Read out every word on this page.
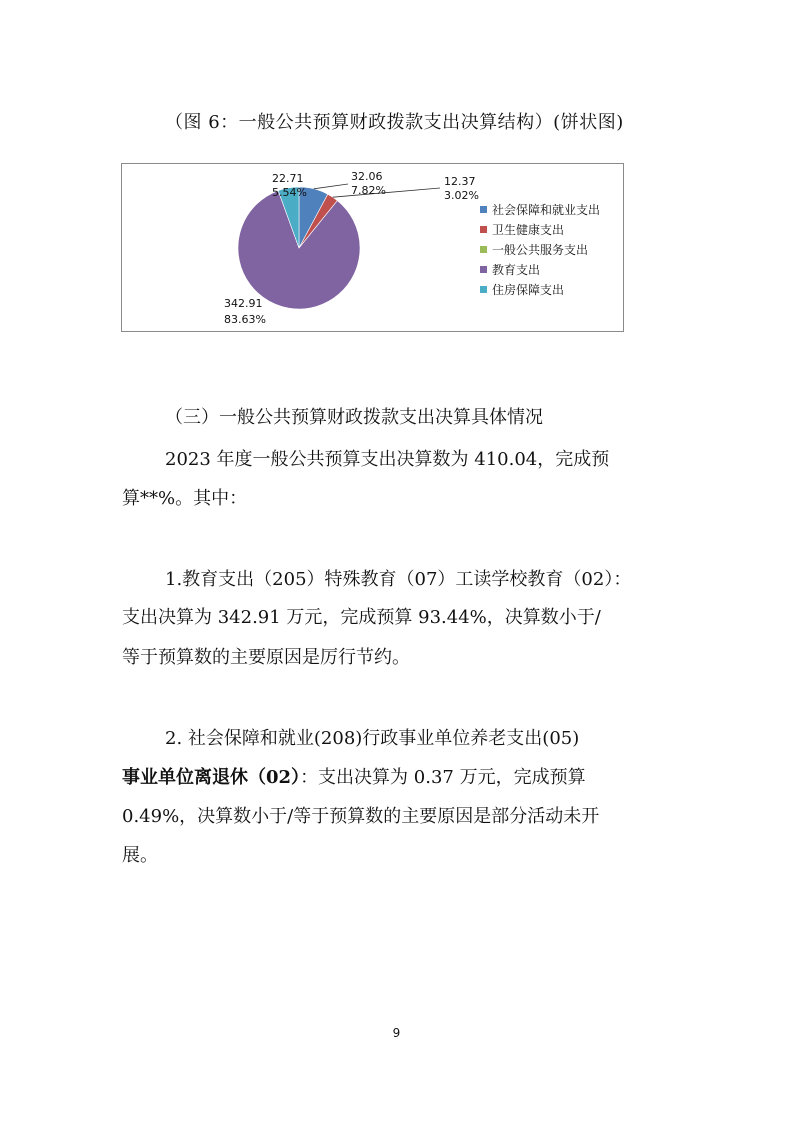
（图 6：一般公共预算财政拨款支出决算结构）(饼状图)
22.71
5.54%
32.06
7.82%
12.37
3.02%
342.91
83.63%
社会保障和就业支出
卫生健康支出
一般公共服务支出
教育支出
住房保障支出
（三）一般公共预算财政拨款支出决算具体情况
2023 年度一般公共预算支出决算数为 410.04，完成预
算**%。其中：
1.教育支出（205）特殊教育（07）工读学校教育（02）：
支出决算为 342.91 万元，完成预算 93.44%，决算数小于/
等于预算数的主要原因是厉行节约。
2. 社会保障和就业(208)行政事业单位养老支出(05)
事业单位离退休（02）：支出决算为 0.37 万元，完成预算
0.49%，决算数小于/等于预算数的主要原因是部分活动未开
展。
9
